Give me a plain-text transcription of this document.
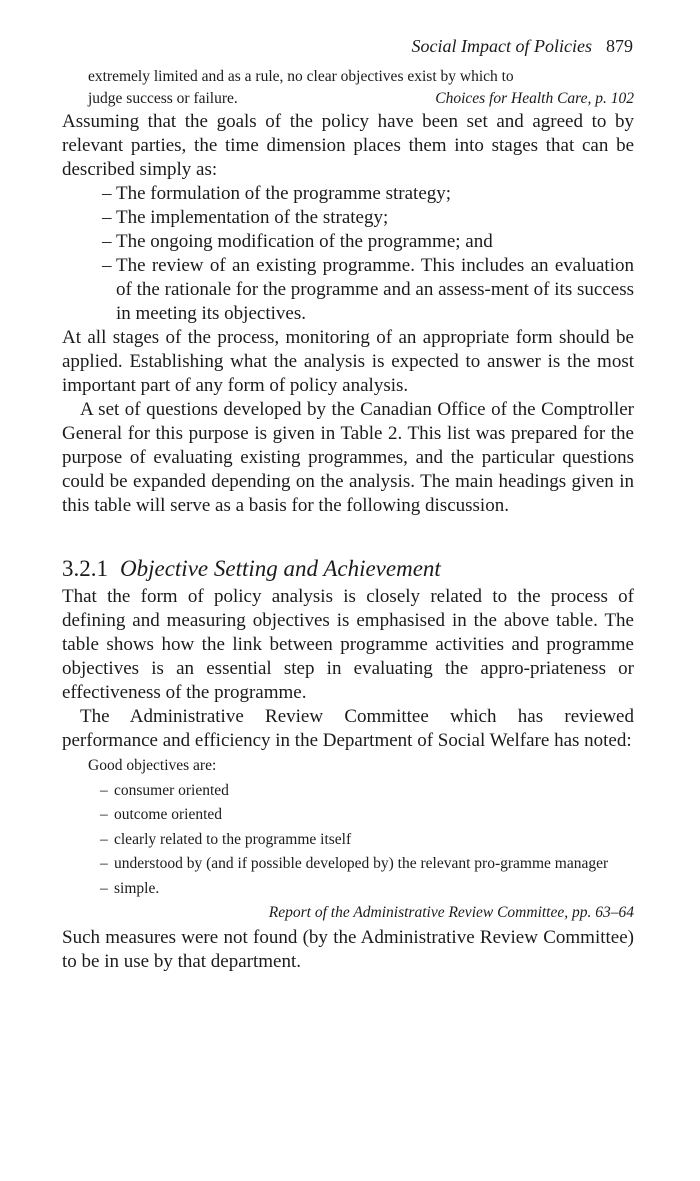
Social Impact of Policies 879
extremely limited and as a rule, no clear objectives exist by which to
judge success or failure.	Choices for Health Care, p. 102

Assuming that the goals of the policy have been set and agreed to by relevant parties, the time dimension places them into stages that can be described simply as:

– The formulation of the programme strategy;
– The implementation of the strategy;
– The ongoing modification of the programme; and
– The review of an existing programme. This includes an evaluation of the rationale for the programme and an assess-ment of its success in meeting its objectives.

At all stages of the process, monitoring of an appropriate form should be applied. Establishing what the analysis is expected to answer is the most important part of any form of policy analysis.

A set of questions developed by the Canadian Office of the Comptroller General for this purpose is given in Table 2. This list was prepared for the purpose of evaluating existing programmes, and the particular questions could be expanded depending on the analysis. The main headings given in this table will serve as a basis for the following discussion.

3.2.1 Objective Setting and Achievement

That the form of policy analysis is closely related to the process of defining and measuring objectives is emphasised in the above table. The table shows how the link between programme activities and programme objectives is an essential step in evaluating the appro-priateness or effectiveness of the programme.

The Administrative Review Committee which has reviewed performance and efficiency in the Department of Social Welfare has noted:

Good objectives are:
– consumer oriented
– outcome oriented
– clearly related to the programme itself
– understood by (and if possible developed by) the relevant pro-gramme manager
– simple.
Report of the Administrative Review Committee, pp. 63–64

Such measures were not found (by the Administrative Review Committee) to be in use by that department.
